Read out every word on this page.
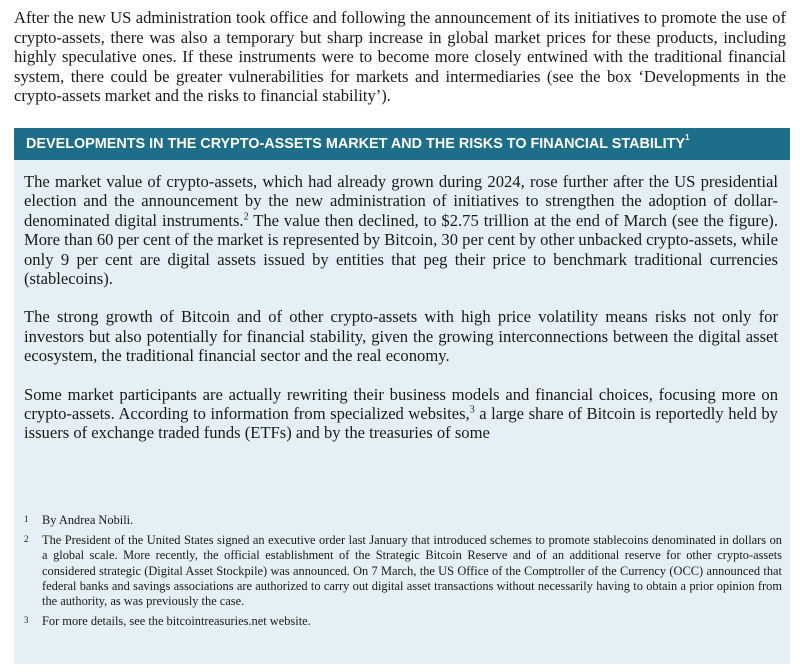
After the new US administration took office and following the announcement of its initiatives to promote the use of crypto-assets, there was also a temporary but sharp increase in global market prices for these products, including highly speculative ones. If these instruments were to become more closely entwined with the traditional financial system, there could be greater vulnerabilities for markets and intermediaries (see the box ‘Developments in the crypto-assets market and the risks to financial stability’).

DEVELOPMENTS IN THE CRYPTO-ASSETS MARKET AND THE RISKS TO FINANCIAL STABILITY$^1$

The market value of crypto-assets, which had already grown during 2024, rose further after the US presidential election and the announcement by the new administration of initiatives to strengthen the adoption of dollar-denominated digital instruments.$^2$ The value then declined, to $2.75 trillion at the end of March (see the figure). More than 60 per cent of the market is represented by Bitcoin, 30 per cent by other unbacked crypto-assets, while only 9 per cent are digital assets issued by entities that peg their price to benchmark traditional currencies (stablecoins).

The strong growth of Bitcoin and of other crypto-assets with high price volatility means risks not only for investors but also potentially for financial stability, given the growing interconnections between the digital asset ecosystem, the traditional financial sector and the real economy.

Some market participants are actually rewriting their business models and financial choices, focusing more on crypto-assets. According to information from specialized websites,$^3$ a large share of Bitcoin is reportedly held by issuers of exchange traded funds (ETFs) and by the treasuries of some

1 By Andrea Nobili.
2 The President of the United States signed an executive order last January that introduced schemes to promote stablecoins denominated in dollars on a global scale. More recently, the official establishment of the Strategic Bitcoin Reserve and of an additional reserve for other crypto-assets considered strategic (Digital Asset Stockpile) was announced. On 7 March, the US Office of the Comptroller of the Currency (OCC) announced that federal banks and savings associations are authorized to carry out digital asset transactions without necessarily having to obtain a prior opinion from the authority, as was previously the case.
3 For more details, see the bitcointreasuries.net website.
